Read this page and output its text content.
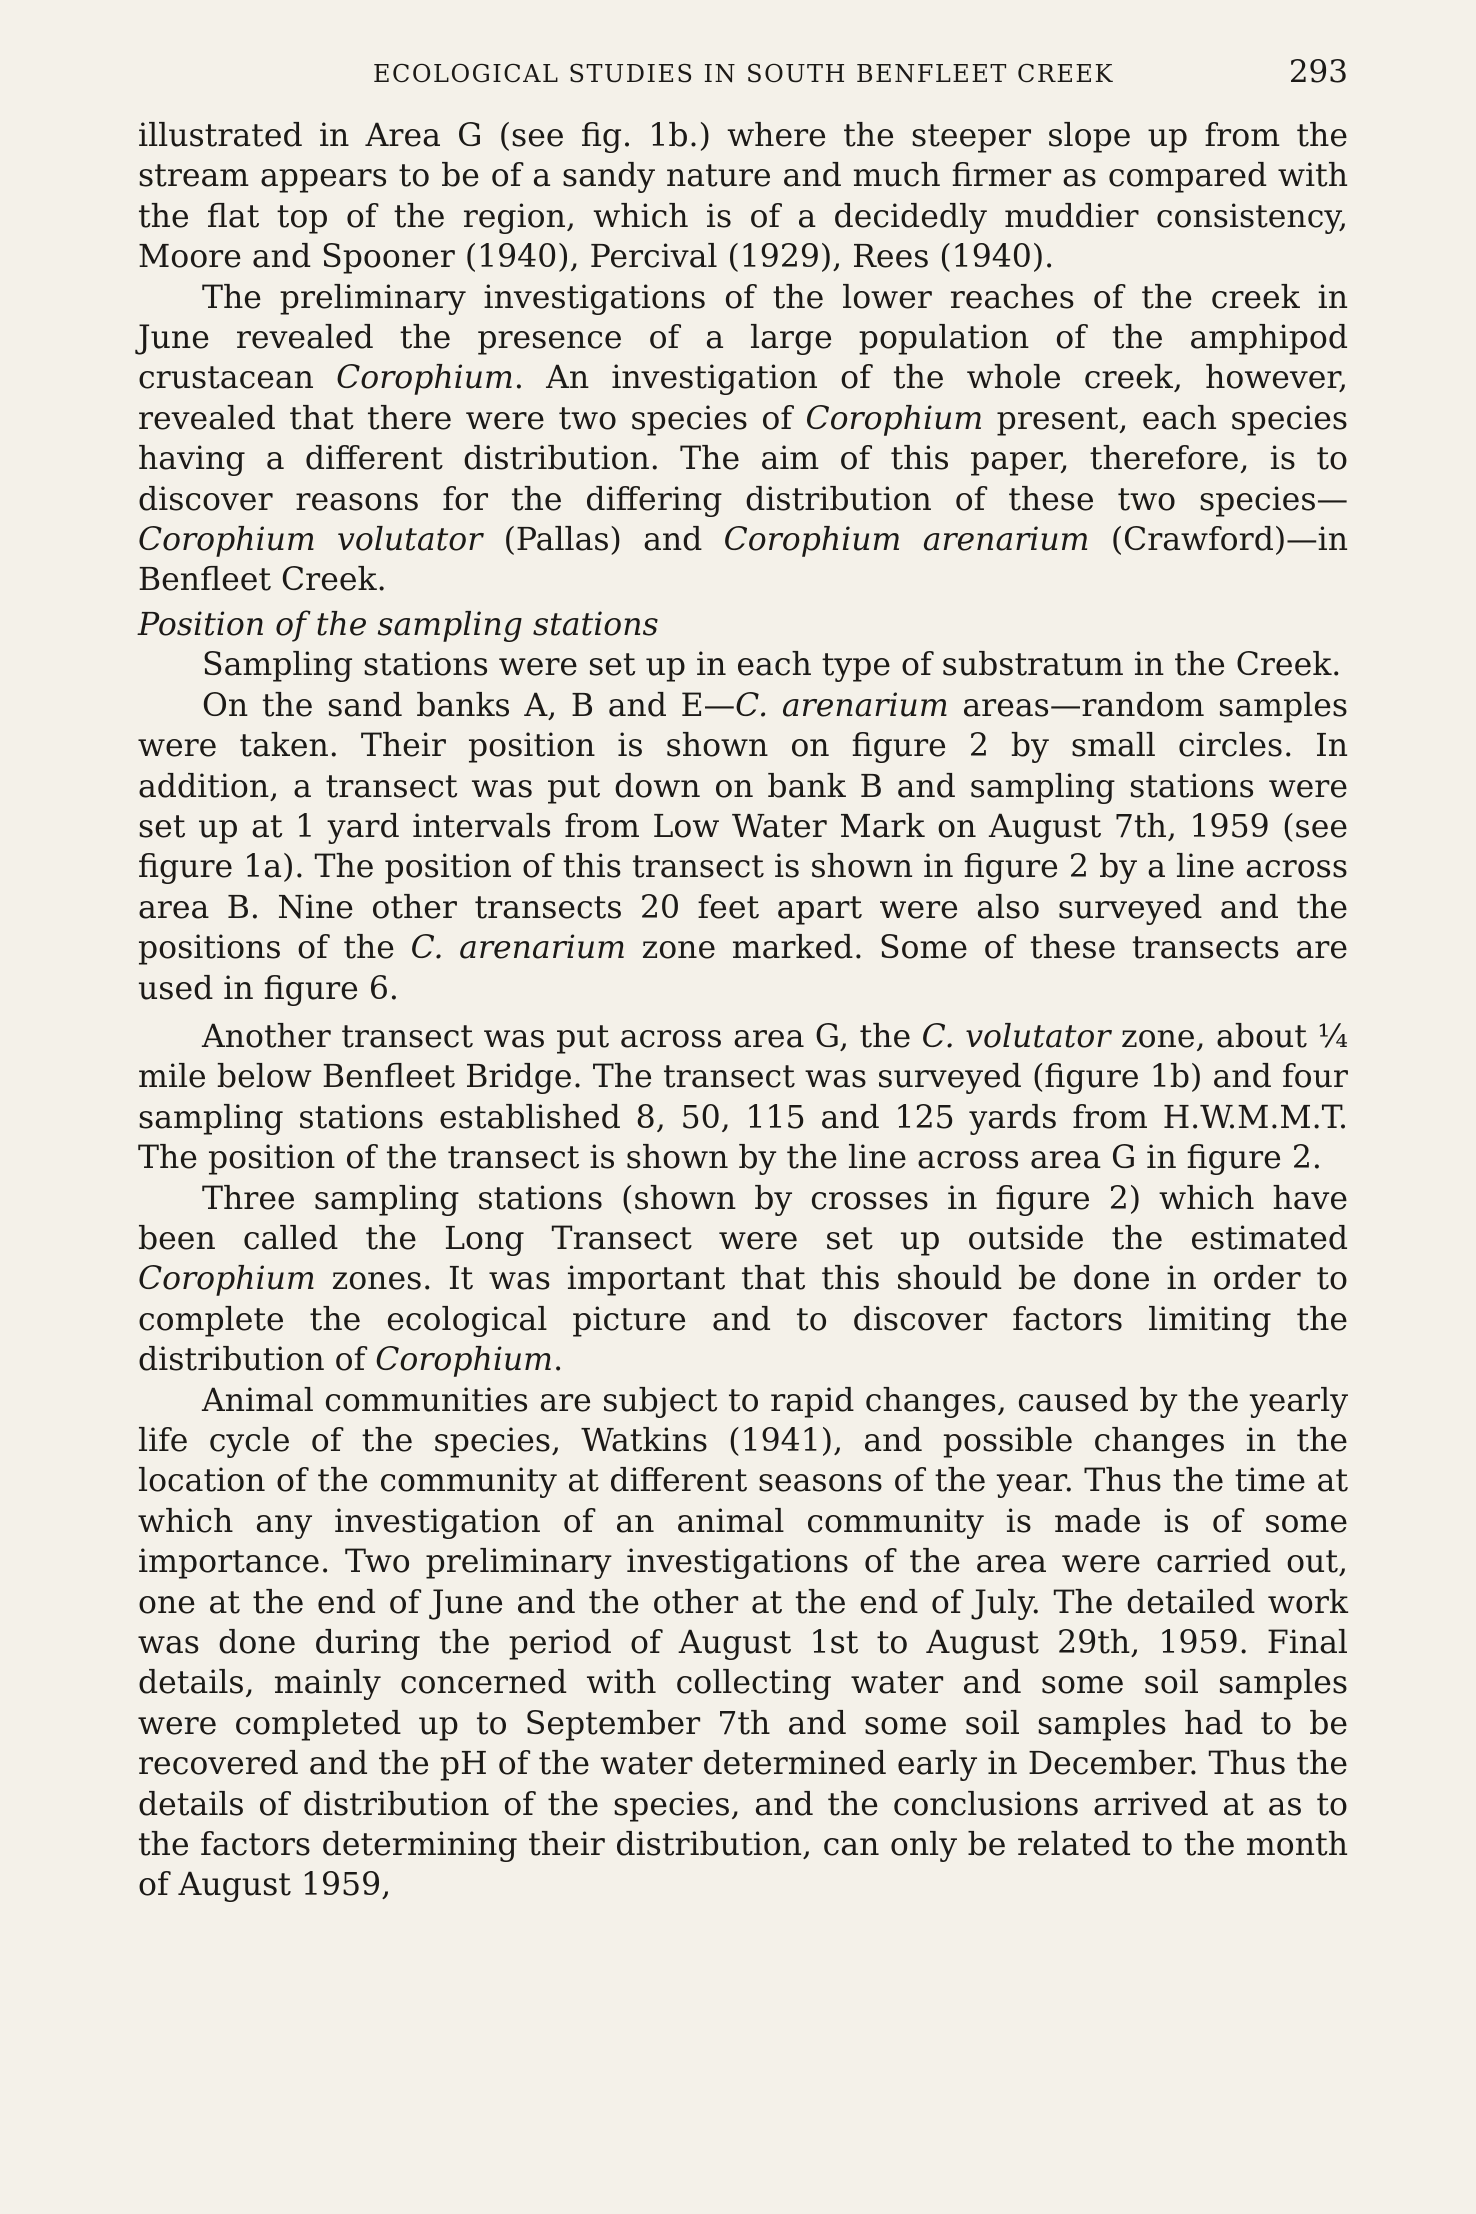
ECOLOGICAL STUDIES IN SOUTH BENFLEET CREEK	293

illustrated in Area G (see fig. 1b.) where the steeper slope up from the stream appears to be of a sandy nature and much firmer as compared with the flat top of the region, which is of a decidedly muddier consistency, Moore and Spooner (1940), Percival (1929), Rees (1940).

The preliminary investigations of the lower reaches of the creek in June revealed the presence of a large population of the amphipod crustacean Corophium. An investigation of the whole creek, however, revealed that there were two species of Corophium present, each species having a different distribution. The aim of this paper, therefore, is to discover reasons for the differing distribution of these two species—Corophium volutator (Pallas) and Corophium arenarium (Crawford)—in Benfleet Creek.

Position of the sampling stations

Sampling stations were set up in each type of substratum in the Creek.

On the sand banks A, B and E—C. arenarium areas—random samples were taken. Their position is shown on figure 2 by small circles. In addition, a transect was put down on bank B and sampling stations were set up at 1 yard intervals from Low Water Mark on August 7th, 1959 (see figure 1a). The position of this transect is shown in figure 2 by a line across area B. Nine other transects 20 feet apart were also surveyed and the positions of the C. arenarium zone marked. Some of these transects are used in figure 6.

Another transect was put across area G, the C. volutator zone, about ¼ mile below Benfleet Bridge. The transect was surveyed (figure 1b) and four sampling stations established 8, 50, 115 and 125 yards from H.W.M.M.T. The position of the transect is shown by the line across area G in figure 2.

Three sampling stations (shown by crosses in figure 2) which have been called the Long Transect were set up outside the estimated Corophium zones. It was important that this should be done in order to complete the ecological picture and to discover factors limiting the distribution of Corophium.

Animal communities are subject to rapid changes, caused by the yearly life cycle of the species, Watkins (1941), and possible changes in the location of the community at different seasons of the year. Thus the time at which any investigation of an animal community is made is of some importance. Two preliminary investigations of the area were carried out, one at the end of June and the other at the end of July. The detailed work was done during the period of August 1st to August 29th, 1959. Final details, mainly concerned with collecting water and some soil samples were completed up to September 7th and some soil samples had to be recovered and the pH of the water determined early in December. Thus the details of distribution of the species, and the conclusions arrived at as to the factors determining their distribution, can only be related to the month of August 1959,
